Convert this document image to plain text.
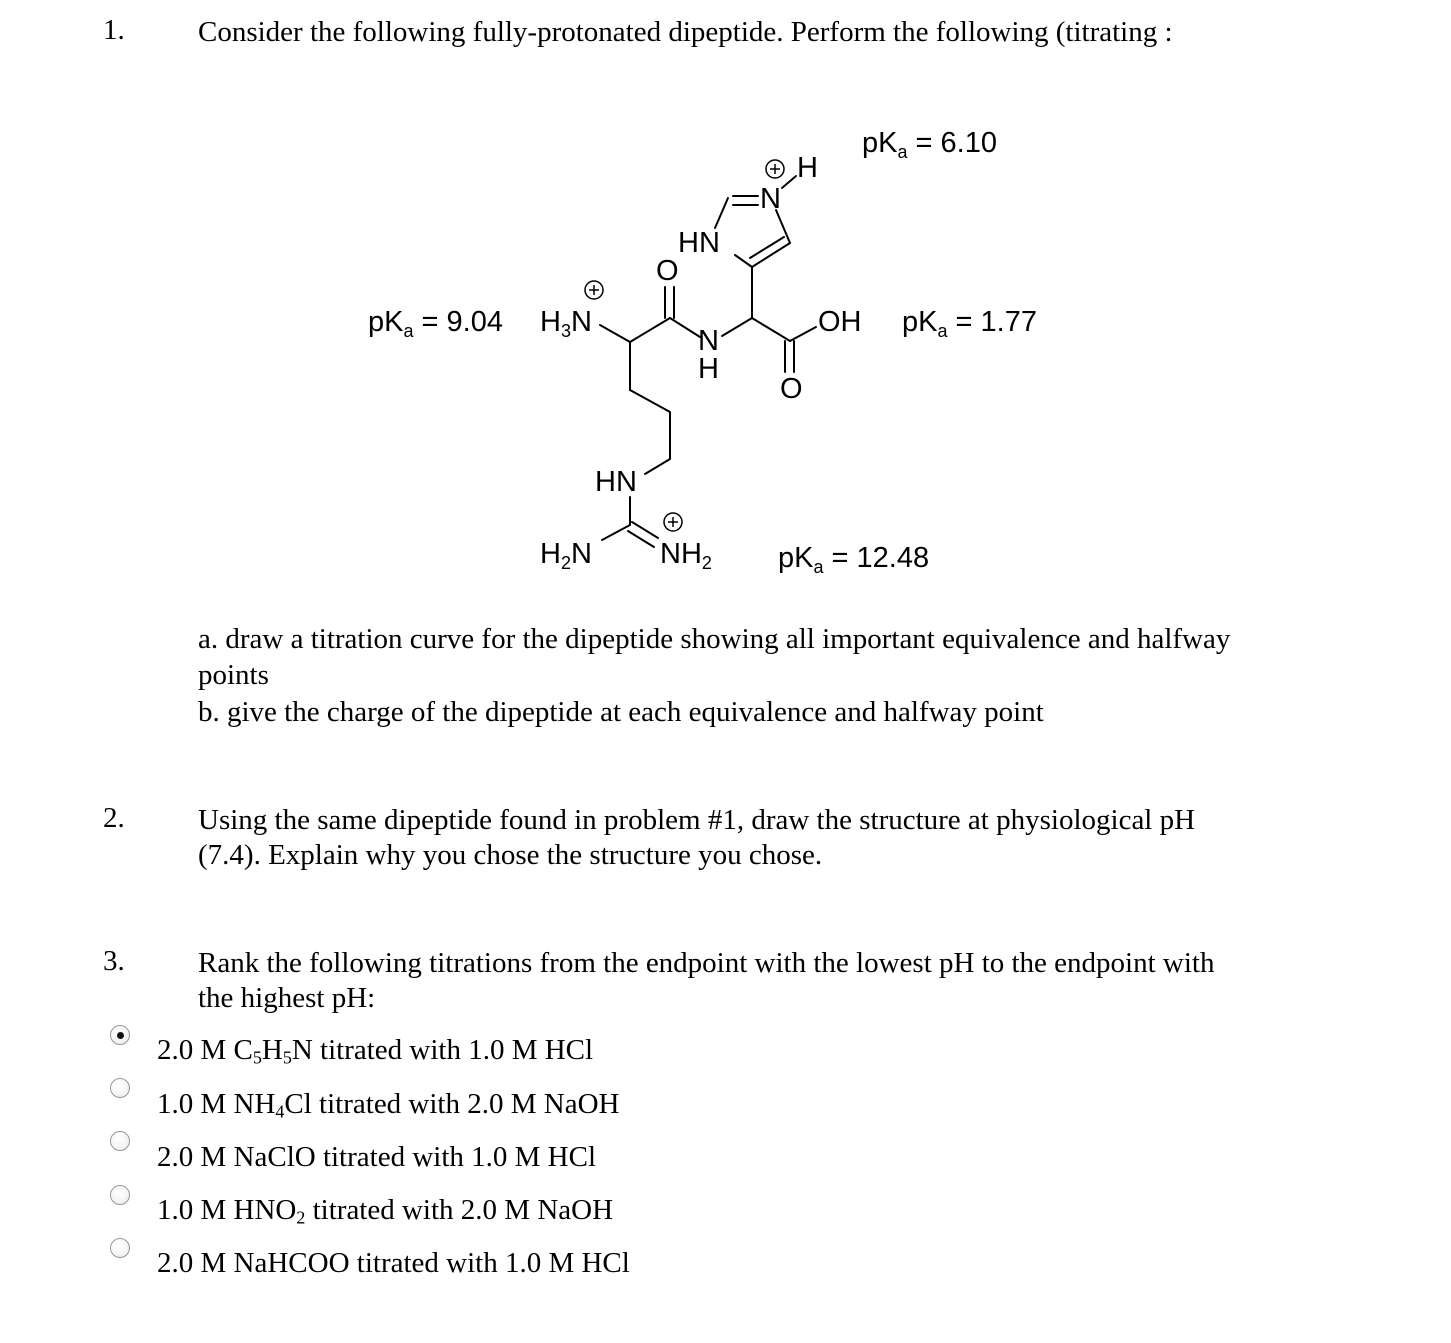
1.	Consider the following fully-protonated dipeptide. Perform the following (titrating :
$H_3N$
O
N
H
O
OH
HN
N
H
HN
$H_2N$ $NH_2$
$pK_a = 9.04$
$pK_a = 6.10$
$pK_a = 1.77$
$pK_a = 12.48$
a. draw a titration curve for the dipeptide showing all important equivalence and halfway
points
b. give the charge of the dipeptide at each equivalence and halfway point
2.	Using the same dipeptide found in problem #1, draw the structure at physiological pH
(7.4). Explain why you chose the structure you chose.
3.	Rank the following titrations from the endpoint with the lowest pH to the endpoint with
the highest pH:
2.0 M $C_5H_5N$ titrated with 1.0 M HCl
1.0 M $NH_4Cl$ titrated with 2.0 M NaOH
2.0 M NaClO titrated with 1.0 M HCl
1.0 M $HNO_2$ titrated with 2.0 M NaOH
2.0 M NaHCOO titrated with 1.0 M HCl
